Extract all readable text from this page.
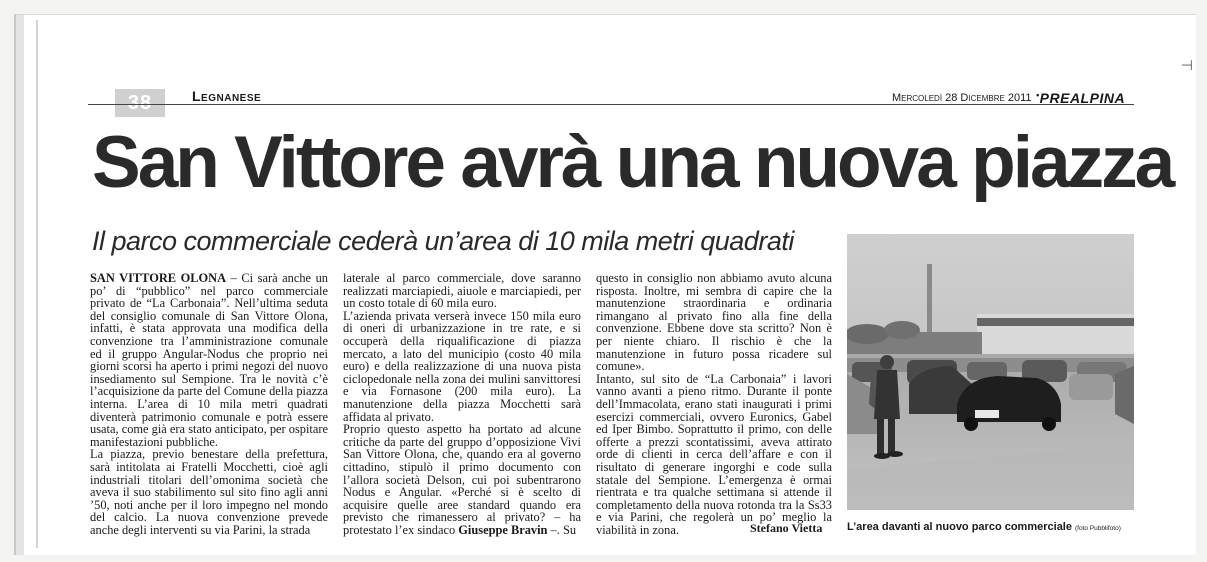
⊣
38	Legnanese	Mercoledì 28 Dicembre 2011 •PREALPINA
San Vittore avrà una nuova piazza
Il parco commerciale cederà un’area di 10 mila metri quadrati

SAN VITTORE OLONA – Ci sarà anche un po’ di “pubblico” nel parco commerciale privato de “La Carbonaia”. Nell’ultima seduta del consiglio comunale di San Vittore Olona, infatti, è stata approvata una modifica della convenzione tra l’amministrazione comunale ed il gruppo Angular-Nodus che proprio nei giorni scorsi ha aperto i primi negozi del nuovo insediamento sul Sempione. Tra le novità c’è l’acquisizione da parte del Comune della piazza interna. L’area di 10 mila metri quadrati diventerà patrimonio comunale e potrà essere usata, come già era stato anticipato, per ospitare manifestazioni pubbliche.

La piazza, previo benestare della prefettura, sarà intitolata ai Fratelli Mocchetti, cioè agli industriali titolari dell’omonima società che aveva il suo stabilimento sul sito fino agli anni ’50, noti anche per il loro impegno nel mondo del calcio. La nuova convenzione prevede anche degli interventi su via Parini, la strada

laterale al parco commerciale, dove saranno realizzati marciapiedi, aiuole e marciapiedi, per un costo totale di 60 mila euro.

L’azienda privata verserà invece 150 mila euro di oneri di urbanizzazione in tre rate, e si occuperà della riqualificazione di piazza mercato, a lato del municipio (costo 40 mila euro) e della realizzazione di una nuova pista ciclopedonale nella zona dei mulini sanvittoresi e via Fornasone (200 mila euro). La manutenzione della piazza Mocchetti sarà affidata al privato.

Proprio questo aspetto ha portato ad alcune critiche da parte del gruppo d’opposizione Vivi San Vittore Olona, che, quando era al governo cittadino, stipulò il primo documento con l’allora società Delson, cui poi subentrarono Nodus e Angular. «Perché si è scelto di acquisire quelle aree standard quando era previsto che rimanessero al privato? – ha protestato l’ex sindaco Giuseppe Bravin –. Su

questo in consiglio non abbiamo avuto alcuna risposta. Inoltre, mi sembra di capire che la manutenzione straordinaria e ordinaria rimangano al privato fino alla fine della convenzione. Ebbene dove sta scritto? Non è per niente chiaro. Il rischio è che la manutenzione in futuro possa ricadere sul comune».

Intanto, sul sito de “La Carbonaia” i lavori vanno avanti a pieno ritmo. Durante il ponte dell’Immacolata, erano stati inaugurati i primi esercizi commerciali, ovvero Euronics, Gabel ed Iper Bimbo. Soprattutto il primo, con delle offerte a prezzi scontatissimi, aveva attirato orde di clienti in cerca dell’affare e con il risultato di generare ingorghi e code sulla statale del Sempione. L’emergenza è ormai rientrata e tra qualche settimana si attende il completamento della nuova rotonda tra la Ss33 e via Parini, che regolerà un po’ meglio la viabilità in zona.	Stefano Vietta L’area davanti al nuovo parco commerciale (foto Pubblifoto)
